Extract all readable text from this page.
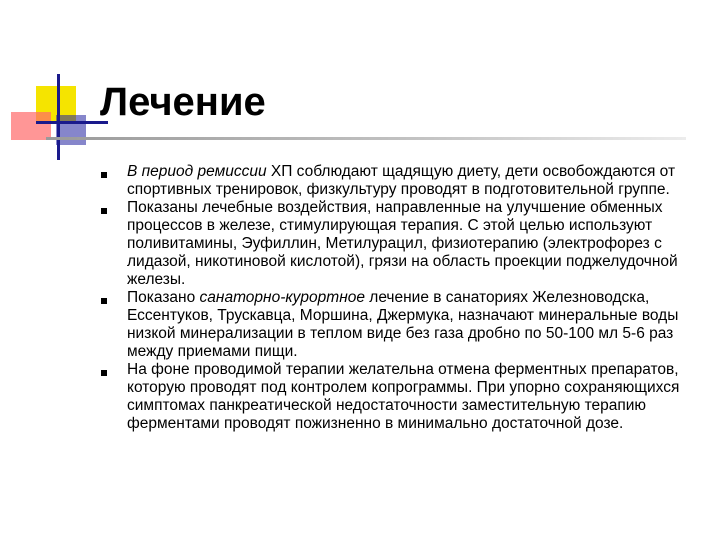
Лечение
В период ремиссии ХП соблюдают щадящую диету, дети освобождаются от спортивных тренировок, физкультуру проводят в подготовительной группе.
Показаны лечебные воздействия, направленные на улучшение обменных процессов в железе, стимулирующая терапия. С этой целью используют поливитамины, Эуфиллин, Метилурацил, физиотерапию (электрофорез с лидазой, никотиновой кислотой), грязи на область проекции поджелудочной железы.
Показано санаторно-курортное лечение в санаториях Железноводска, Ессентуков, Трускавца, Моршина, Джермука, назначают минеральные воды низкой минерализации в теплом виде без газа дробно по 50-100 мл 5-6 раз между приемами пищи.
На фоне проводимой терапии желательна отмена ферментных препаратов, которую проводят под контролем копрограммы. При упорно сохраняющихся симптомах панкреатической недостаточности заместительную терапию ферментами проводят пожизненно в минимально достаточной дозе.
